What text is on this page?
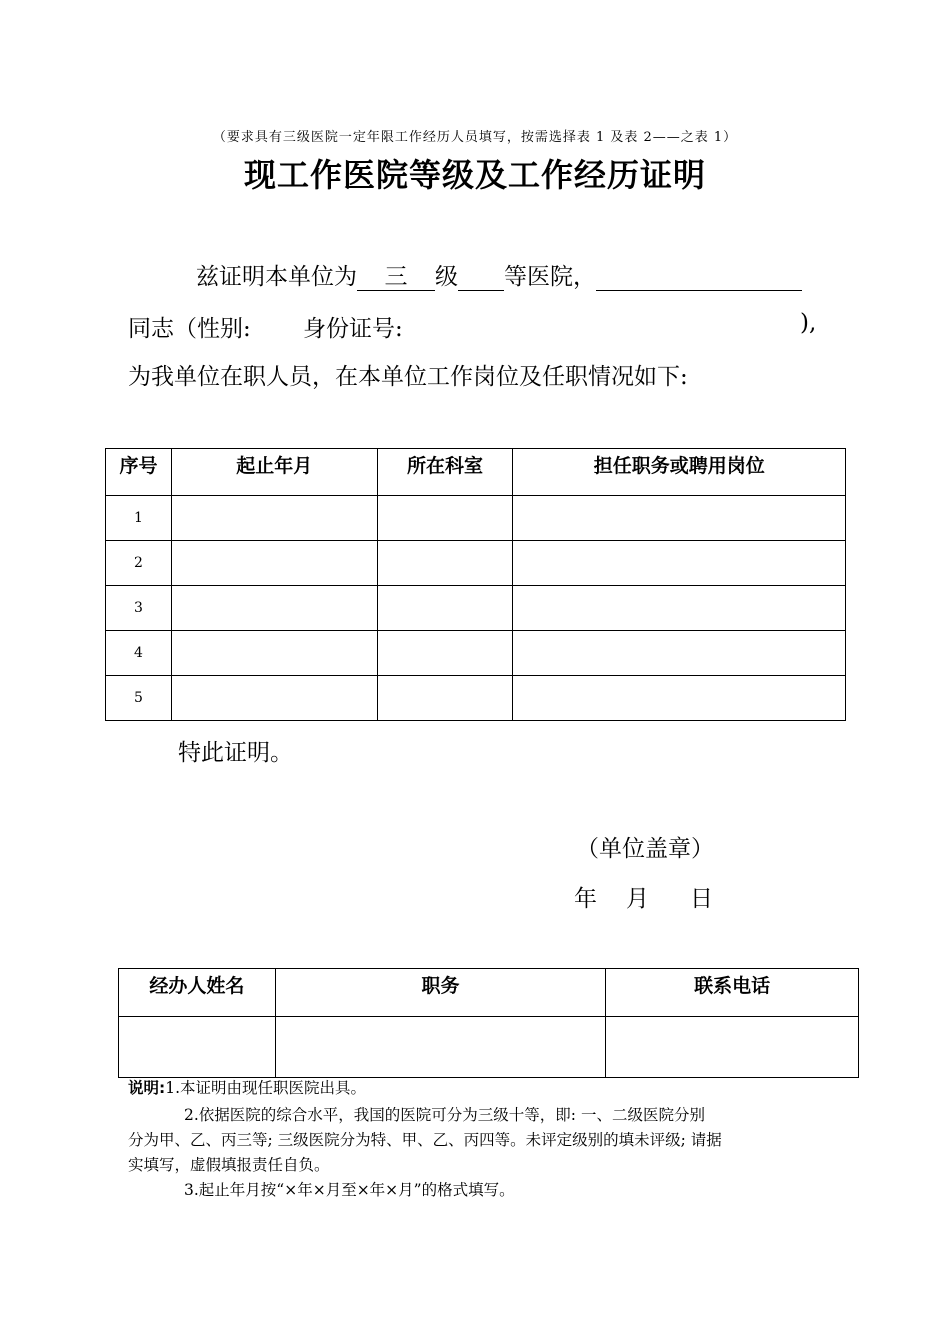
（要求具有三级医院一定年限工作经历人员填写，按需选择表 1 及表 2——之表 1）
现工作医院等级及工作经历证明
兹证明本单位为 三 级 等医院，
同志（性别: 身份证号:	),
为我单位在职人员，在本单位工作岗位及任职情况如下:
序号	起止年月	所在科室	担任职务或聘用岗位
1			
2			
3			
4			
5			
特此证明。
（单位盖章）
年 月 日
经办人姓名	职务	联系电话

说明:1.本证明由现任职医院出具。
2.依据医院的综合水平，我国的医院可分为三级十等，即: 一、二级医院分别
分为甲、乙、丙三等; 三级医院分为特、甲、乙、丙四等。未评定级别的填未评级; 请据
实填写，虚假填报责任自负。
3.起止年月按“×年×月至×年×月”的格式填写。
